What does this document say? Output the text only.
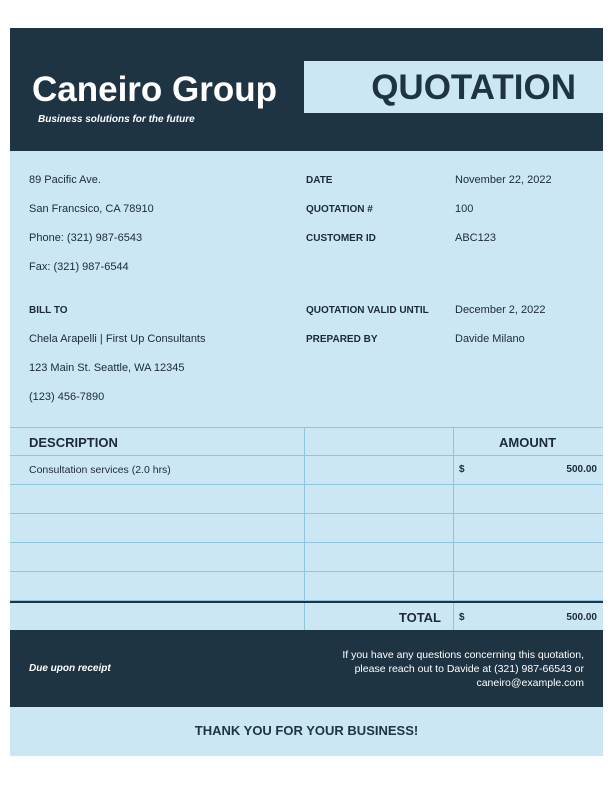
Caneiro Group
Business solutions for the future
QUOTATION
89 Pacific Ave.
San Francsico, CA 78910
Phone: (321) 987-6543
Fax: (321) 987-6544
DATE	November 22, 2022
QUOTATION #	100
CUSTOMER ID	ABC123
BILL TO
Chela Arapelli | First Up Consultants
123 Main St. Seattle, WA 12345
(123) 456-7890
QUOTATION VALID UNTIL December 2, 2022
PREPARED BY	Davide Milano
DESCRIPTION	AMOUNT
Consultation services (2.0 hrs)	$	500.00
TOTAL $	500.00
Due upon receipt
If you have any questions concerning this quotation,
please reach out to Davide at (321) 987-66543 or
caneiro@example.com
THANK YOU FOR YOUR BUSINESS!
